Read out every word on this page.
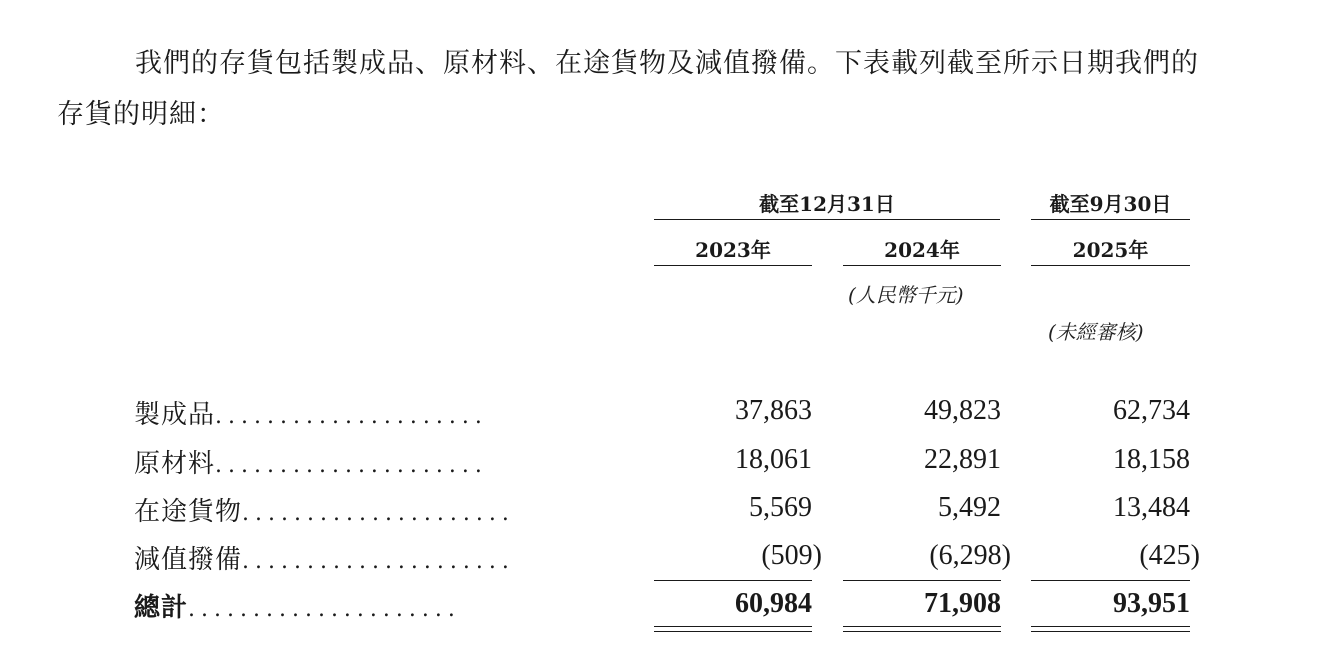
我們的存貨包括製成品、原材料、在途貨物及減值撥備。下表載列截至所示日期我們的存貨的明細：
截至12月31日	截至9月30日
2023年	2024年	2025年
(人民幣千元)
(未經審核)
製成品.....................	37,863	49,823	62,734
原材料.....................	18,061	22,891	18,158
在途貨物.....................	5,569	5,492	13,484
減值撥備.....................	(509)	(6,298)	(425)
總計.....................	60,984	71,908	93,951
